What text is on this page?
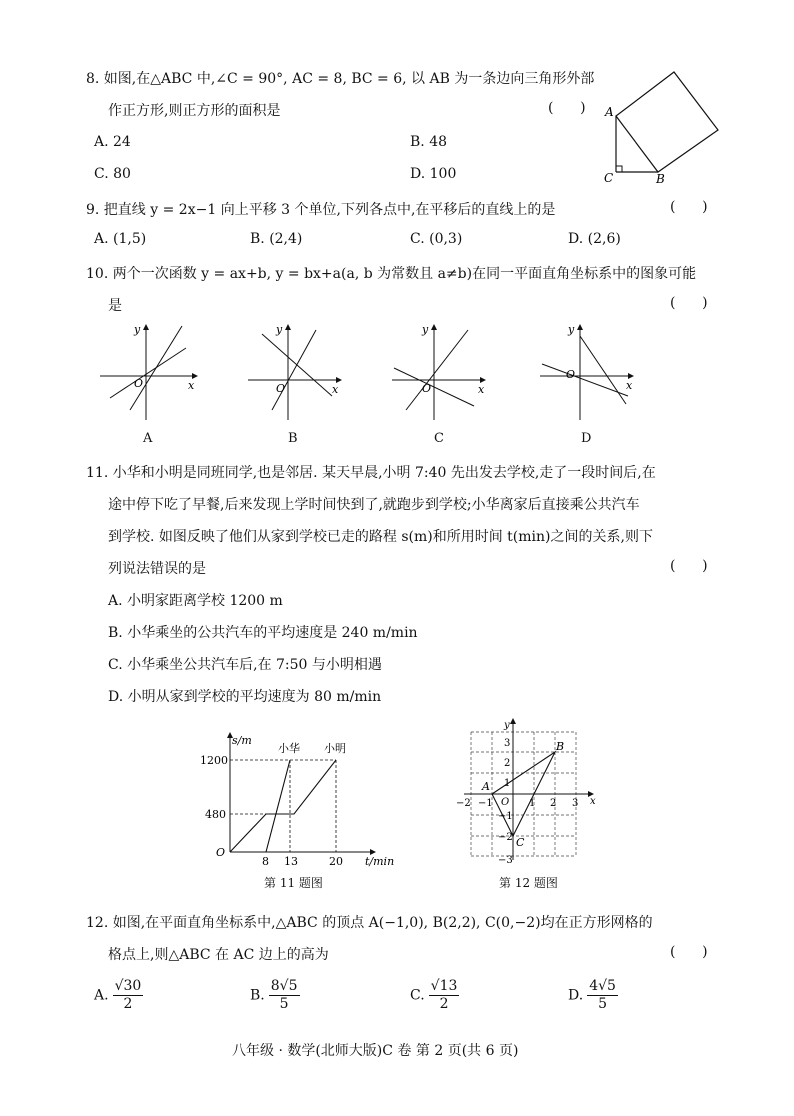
8. 如图,在△ABC 中,∠C = 90°, AC = 8, BC = 6, 以 AB 为一条边向三角形外部
作正方形,则正方形的面积是	(      )
A. 24	B. 48
C. 80	D. 100
A
C	B
9. 把直线 y = 2x−1 向上平移 3 个单位,下列各点中,在平移后的直线上的是	(      )
A. (1,5)	B. (2,4)	C. (0,3)	D. (2,6)
10. 两个一次函数 y = ax+b, y = bx+a(a, b 为常数且 a≠b)在同一平面直角坐标系中的图象可能
是	(      )
y
O	x
y
O	x
y
O	x
y
O
x
A	B	C	D
11. 小华和小明是同班同学,也是邻居. 某天早晨,小明 7:40 先出发去学校,走了一段时间后,在
途中停下吃了早餐,后来发现上学时间快到了,就跑步到学校;小华离家后直接乘公共汽车
到学校. 如图反映了他们从家到学校已走的路程 s(m)和所用时间 t(min)之间的关系,则下
列说法错误的是	(      )
A. 小明家距离学校 1200 m
B. 小华乘坐的公共汽车的平均速度是 240 m/min
C. 小华乘坐公共汽车后,在 7:50 与小明相遇
D. 小明从家到学校的平均速度为 80 m/min
s/m
t/min
1200
480
O
8 13	20
小华 小明
第 11 题图
y
x
O
−2 −1	1 2 3
3
2
1
−1
−2
−3
A
B
C
第 12 题图
12. 如图,在平面直角坐标系中,△ABC 的顶点 A(−1,0), B(2,2), C(0,−2)均在正方形网格的
格点上,则△ABC 在 AC 边上的高为	(      )
A. $\frac{√30}{2}$	B. $\frac{8√5}{5}$	C. $\frac{√13}{2}$	D. $\frac{4√5}{5}$
八年级 · 数学(北师大版)C 卷 第 2 页(共 6 页)
